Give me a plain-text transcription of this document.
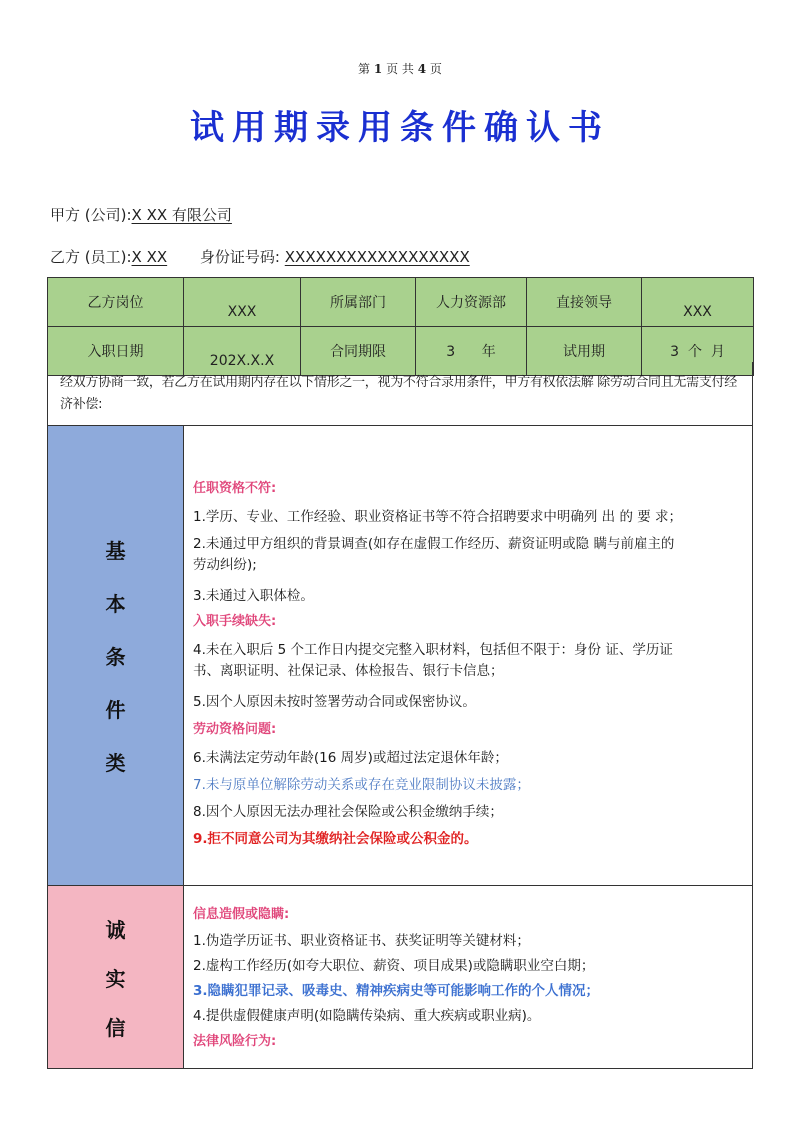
第 1 页 共 4 页
试用期录用条件确认书
甲方 (公司):X XX 有限公司
乙方 (员工):X XX 身份证号码: XXXXXXXXXXXXXXXXXX
乙方岗位	XXX	所属部门	人力资源部	直接领导	XXX
入职日期	202X.X.X	合同期限	3      年	试用期	3  个  月
经双方协商一致，若乙方在试用期内存在以下情形之一，视为不符合录用条件，甲方有权依法解 除劳动合同且无需支付经济补偿:
基
本
条
件
类

任职资格不符:

1.学历、专业、工作经验、职业资格证书等不符合招聘要求中明确列 出 的 要 求；

2.未通过甲方组织的背景调查(如存在虚假工作经历、薪资证明或隐 瞒与前雇主的

劳动纠纷);

3.未通过入职体检。

入职手续缺失:

4.未在入职后 5 个工作日内提交完整入职材料，包括但不限于：身份 证、学历证

书、离职证明、社保记录、体检报告、银行卡信息；

5.因个人原因未按时签署劳动合同或保密协议。

劳动资格问题:

6.未满法定劳动年龄(16 周岁)或超过法定退休年龄；

7.未与原单位解除劳动关系或存在竞业限制协议未披露；

8.因个人原因无法办理社会保险或公积金缴纳手续；

9.拒不同意公司为其缴纳社会保险或公积金的。

诚
实
信

信息造假或隐瞒:

1.伪造学历证书、职业资格证书、获奖证明等关键材料；

2.虚构工作经历(如夸大职位、薪资、项目成果)或隐瞒职业空白期；

3.隐瞒犯罪记录、吸毒史、精神疾病史等可能影响工作的个人情况；

4.提供虚假健康声明(如隐瞒传染病、重大疾病或职业病)。

法律风险行为:
